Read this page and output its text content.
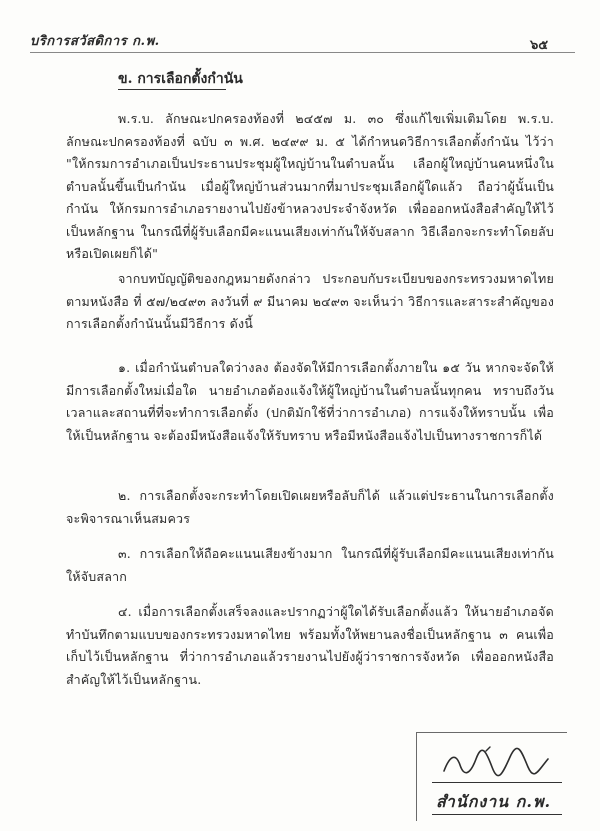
บริการสวัสดิการ ก.พ.	๖๕
ข. การเลือกตั้งกำนัน
พ.ร.บ. ลักษณะปกครองท้องที่ ๒๔๕๗ ม. ๓๐ ซึ่งแก้ไขเพิ่มเติมโดย พ.ร.บ. ลักษณะปกครองท้องที่ ฉบับ ๓ พ.ศ. ๒๔๙๙ ม. ๕ ได้กำหนดวิธีการเลือกตั้งกำนัน ไว้ว่า "ให้กรมการอำเภอเป็นประธานประชุมผู้ใหญ่บ้านในตำบลนั้น เลือกผู้ใหญ่บ้านคนหนึ่งในตำบลนั้นขึ้นเป็นกำนัน เมื่อผู้ใหญ่บ้านส่วนมากที่มาประชุมเลือกผู้ใดแล้ว ถือว่าผู้นั้นเป็นกำนัน ให้กรมการอำเภอรายงานไปยังข้าหลวงประจำจังหวัด เพื่อออกหนังสือสำคัญให้ไว้เป็นหลักฐาน ในกรณีที่ผู้รับเลือกมีคะแนนเสียงเท่ากันให้จับสลาก วิธีเลือกจะกระทำโดยลับหรือเปิดเผยก็ได้"
จากบทบัญญัติของกฎหมายดังกล่าว ประกอบกับระเบียบของกระทรวงมหาดไทยตามหนังสือ ที่ ๕๗/๒๔๙๓ ลงวันที่ ๙ มีนาคม ๒๔๙๓ จะเห็นว่า วิธีการและสาระสำคัญของการเลือกตั้งกำนันนั้นมีวิธีการ ดังนี้
๑. เมื่อกำนันตำบลใดว่างลง ต้องจัดให้มีการเลือกตั้งภายใน ๑๕ วัน หากจะจัดให้มีการเลือกตั้งใหม่เมื่อใด นายอำเภอต้องแจ้งให้ผู้ใหญ่บ้านในตำบลนั้นทุกคน ทราบถึงวันเวลาและสถานที่ที่จะทำการเลือกตั้ง (ปกติมักใช้ที่ว่าการอำเภอ) การแจ้งให้ทราบนั้น เพื่อให้เป็นหลักฐาน จะต้องมีหนังสือแจ้งให้รับทราบ หรือมีหนังสือแจ้งไปเป็นทางราชการก็ได้
๒. การเลือกตั้งจะกระทำโดยเปิดเผยหรือลับก็ได้ แล้วแต่ประธานในการเลือกตั้งจะพิจารณาเห็นสมควร
๓. การเลือกให้ถือคะแนนเสียงข้างมาก ในกรณีที่ผู้รับเลือกมีคะแนนเสียงเท่ากันให้จับสลาก
๔. เมื่อการเลือกตั้งเสร็จลงและปรากฏว่าผู้ใดได้รับเลือกตั้งแล้ว ให้นายอำเภอจัดทำบันทึกตามแบบของกระทรวงมหาดไทย พร้อมทั้งให้พยานลงชื่อเป็นหลักฐาน ๓ คนเพื่อเก็บไว้เป็นหลักฐาน ที่ว่าการอำเภอแล้วรายงานไปยังผู้ว่าราชการจังหวัด เพื่อออกหนังสือสำคัญให้ไว้เป็นหลักฐาน.
สำนักงาน ก.พ.
